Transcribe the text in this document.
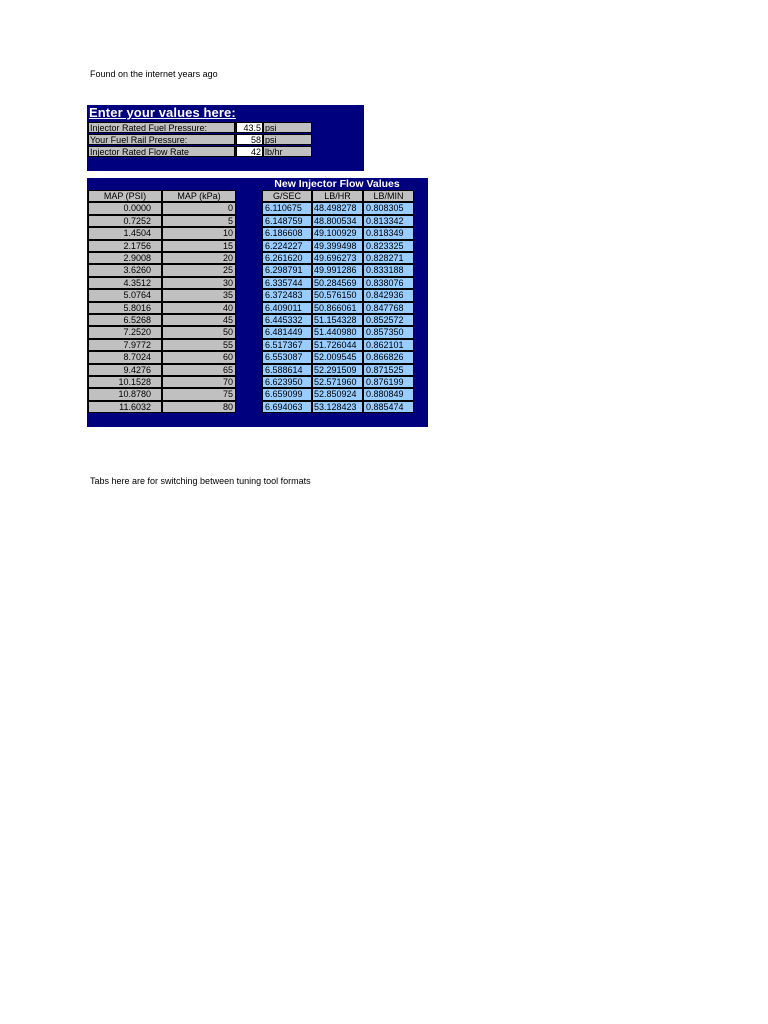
Found on the internet years ago
Enter your values here:
Injector Rated Fuel Pressure:	43.5 psi
Your Fuel Rail Pressure:	58 psi
Injector Rated Flow Rate	42 lb/hr
New Injector Flow Values
MAP (PSI)	MAP (kPa)	G/SEC	LB/HR	LB/MIN
0.0000	0	6.110675	48.498278	0.808305
0.7252	5	6.148759	48.800534	0.813342
1.4504	10	6.186608	49.100929	0.818349
2.1756	15	6.224227	49.399498	0.823325
2.9008	20	6.261620	49.696273	0.828271
3.6260	25	6.298791	49.991286	0.833188
4.3512	30	6.335744	50.284569	0.838076
5.0764	35	6.372483	50.576150	0.842936
5.8016	40	6.409011	50.866061	0.847768
6.5268	45	6.445332	51.154328	0.852572
7.2520	50	6.481449	51.440980	0.857350
7.9772	55	6.517367	51.726044	0.862101
8.7024	60	6.553087	52.009545	0.866826
9.4276	65	6.588614	52.291509	0.871525
10.1528	70	6.623950	52.571960	0.876199
10.8780	75	6.659099	52.850924	0.880849
11.6032	80	6.694063	53.128423	0.885474
Tabs here are for switching between tuning tool formats
